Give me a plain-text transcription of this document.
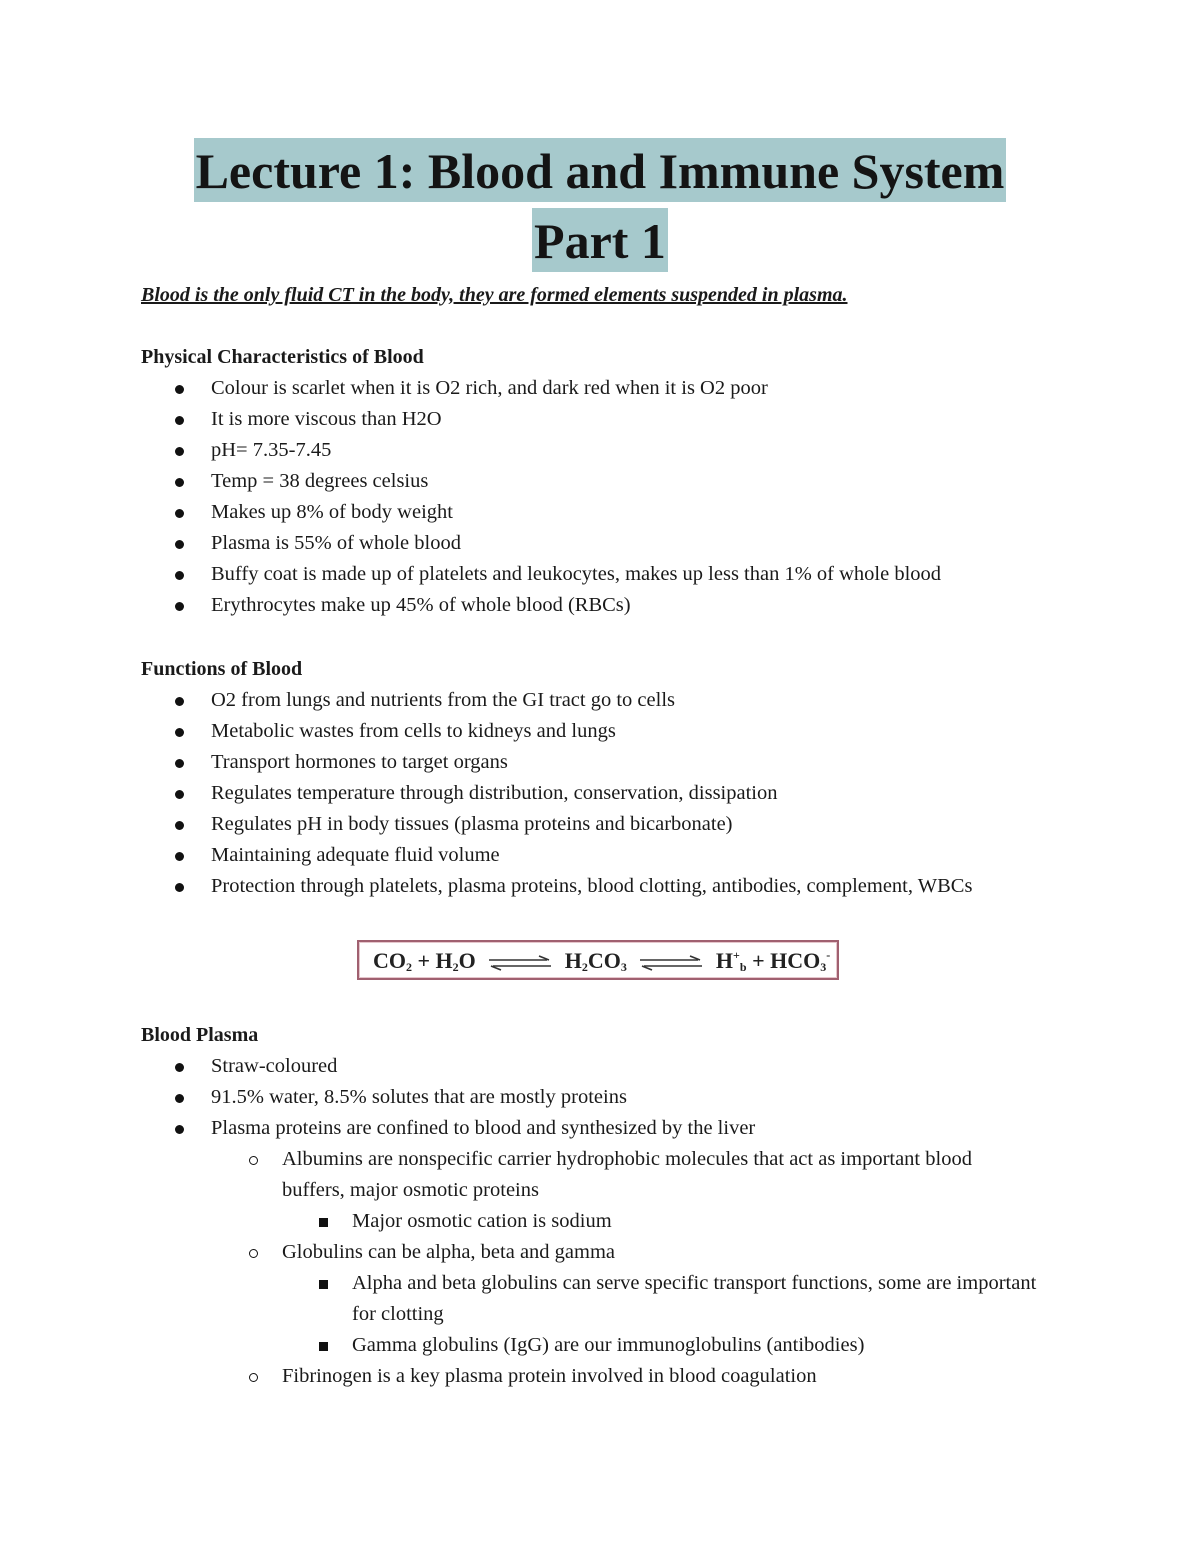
Lecture 1: Blood and Immune System
Part 1
Blood is the only fluid CT in the body, they are formed elements suspended in plasma.
Physical Characteristics of Blood
Colour is scarlet when it is O2 rich, and dark red when it is O2 poor
It is more viscous than H2O
pH= 7.35-7.45
Temp = 38 degrees celsius
Makes up 8% of body weight
Plasma is 55% of whole blood
Buffy coat is made up of platelets and leukocytes, makes up less than 1% of whole blood
Erythrocytes make up 45% of whole blood (RBCs)
Functions of Blood
O2 from lungs and nutrients from the GI tract go to cells
Metabolic wastes from cells to kidneys and lungs
Transport hormones to target organs
Regulates temperature through distribution, conservation, dissipation
Regulates pH in body tissues (plasma proteins and bicarbonate)
Maintaining adequate fluid volume
Protection through platelets, plasma proteins, blood clotting, antibodies, complement, WBCs
$CO_2 + H_2O$ ⇌ $H_2CO_3$ ⇌ $H^+_b + HCO_3^-$
Blood Plasma
Straw-coloured
91.5% water, 8.5% solutes that are mostly proteins
Plasma proteins are confined to blood and synthesized by the liver
Albumins are nonspecific carrier hydrophobic molecules that act as important blood buffers, major osmotic proteins
Major osmotic cation is sodium
Globulins can be alpha, beta and gamma
Alpha and beta globulins can serve specific transport functions, some are important for clotting
Gamma globulins (IgG) are our immunoglobulins (antibodies)
Fibrinogen is a key plasma protein involved in blood coagulation
